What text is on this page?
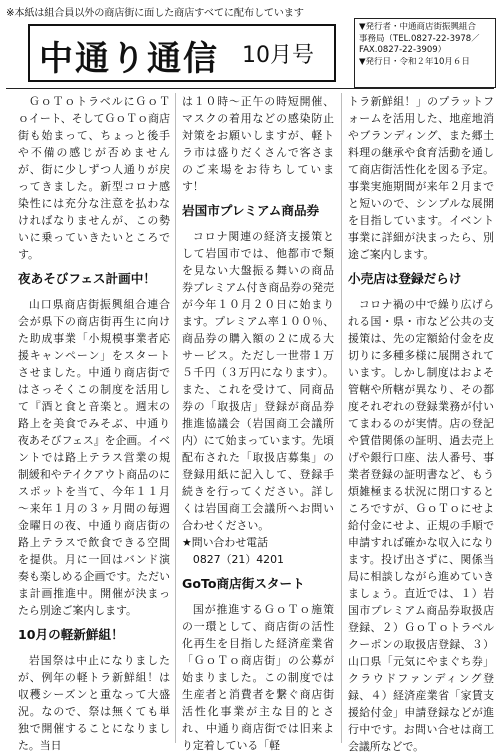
※本紙は組合員以外の商店街に面した商店すべてに配布しています
中通り通信 10月号
▼発行者・中通商店街振興組合
事務局（TEL.0827-22-3978／
FAX.0827-22-3909）
▼発行日・令和２年10月６日

ＧｏＴｏトラベルにＧｏＴｏイート、そしてＧｏＴｏ商店街も始まって、ちょっと後手や不備の感じが否めませんが、街に少しずつ人通りが戻ってきました。新型コロナ感染性には充分な注意を払わなければなりませんが、この勢いに乗っていきたいところです。

夜あそびフェス計画中！

山口県商店街振興組合連合会が県下の商店街再生に向けた助成事業「小規模事業者応援キャンペーン」をスタートさせました。中通り商店街ではさっそくこの制度を活用して『酒と食と音楽と。週末の路上を美食でみそぶ、中通り夜あそびフェス』を企画。イベントでは路上テラス営業の規制緩和やテイクアウト商品のにスポットを当て、今年１１月～来年１月の３ヶ月間の毎週金曜日の夜、中通り商店街の路上テラスで飲食できる空間を提供。月に一回はバンド演奏も楽しめる企画です。ただいま計画推進中。開催が決まったら別途ご案内します。

10月の軽新鮮組！

岩国祭は中止になりましたが、例年の軽トラ新鮮組！は収穫シーズンと重なって大盛況。なので、祭は無くても単独で開催することになりました。当日

は１０時～正午の時短開催、マスクの着用などの感染防止対策をお願いしますが、軽トラ市は盛りだくさんで客さまのご来場をお待ちしています！

岩国市プレミアム商品券

コロナ関連の経済支援策として岩国市では、他都市で類を見ない大盤振る舞いの商品券プレミアム付き商品券の発売が今年１０月２０日に始まります。プレミアム率１００％、商品券の購入額の２に成る大サービス。ただし一世帯１万５千円（３万円になります）。また、これを受けて、同商品券の「取扱店」登録が商品券推進協議会（岩国商工会議所内）にて始まっています。先頃配布された「取扱店募集」の登録用紙に記入して、登録手続きを行ってください。詳しくは岩国商工会議所へお問い合わせください。

★問い合わせ電話

0827（21）4201

GoTo商店街スタート

国が推進するＧｏＴｏ施策の一環として、商店街の活性化再生を目指した経済産業省「ＧｏＴｏ商店街」の公募が始まりました。この制度では生産者と消費者を繋ぐ商店街活性化事業が主な目的とされ、中通り商店街では旧来より定着している「軽

トラ新鮮組！」のプラットフォームを活用した、地産地消やブランディング、また郷土料理の継承や食育活動を通して商店街活性化を図る予定。事業実施期間が来年２月までと短いので、シンプルな展開を目指しています。イベント事業に詳細が決まったら、別途ご案内します。

小売店は登録だらけ

コロナ禍の中で繰り広げられる国・県・市など公共の支援策は、先の定額給付金を皮切りに多種多様に展開されています。しかし制度はおよそ管轄や所轄が異なり、その都度それぞれの登録業務が付いてまわるのが実情。店の登記や賃借関係の証明、過去売上げや銀行口座、法人番号、事業者登録の証明書など、もう煩雑極まる状況に閉口するところですが、ＧｏＴｏにせよ給付金にせよ、正規の手順で申請すれば確かな収入になります。投げ出さずに、関係当局に相談しながら進めていきましょう。直近では、１）岩国市プレミアム商品券取扱店登録、２）ＧｏＴｏトラベルクーポンの取扱店登録、３）山口県「元気にやまぐち券」クラウドファンディング登録、４）経済産業省「家賃支援給付金」申請登録などが進行中です。お問い合せは商工会議所などで。
